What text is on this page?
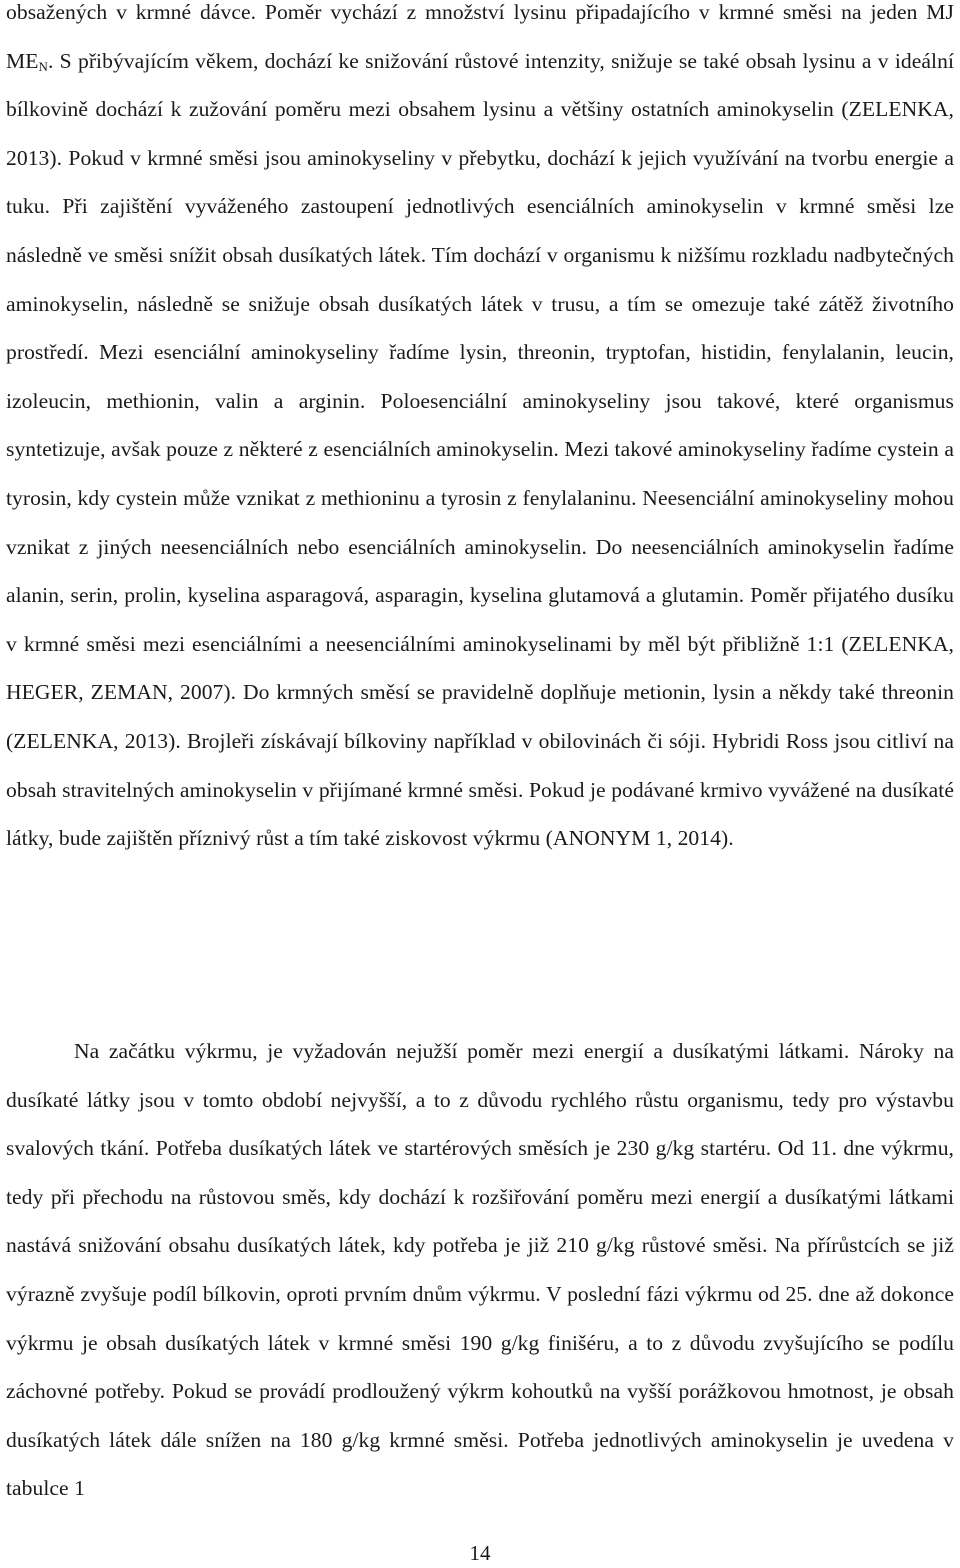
obsažených v krmné dávce. Poměr vychází z množství lysinu připadajícího v krmné směsi na jeden MJ $ME_N$. S přibývajícím věkem, dochází ke snižování růstové intenzity, snižuje se také obsah lysinu a v ideální bílkovině dochází k zužování poměru mezi obsahem lysinu a většiny ostatních aminokyselin (ZELENKA, 2013). Pokud v krmné směsi jsou aminokyseliny v přebytku, dochází k jejich využívání na tvorbu energie a tuku. Při zajištění vyváženého zastoupení jednotlivých esenciálních aminokyselin v krmné směsi lze následně ve směsi snížit obsah dusíkatých látek. Tím dochází v organismu k nižšímu rozkladu nadbytečných aminokyselin, následně se snižuje obsah dusíkatých látek v trusu, a tím se omezuje také zátěž životního prostředí. Mezi esenciální aminokyseliny řadíme lysin, threonin, tryptofan, histidin, fenylalanin, leucin, izoleucin, methionin, valin a arginin. Poloesenciální aminokyseliny jsou takové, které organismus syntetizuje, avšak pouze z některé z esenciálních aminokyselin. Mezi takové aminokyseliny řadíme cystein a tyrosin, kdy cystein může vznikat z methioninu a tyrosin z fenylalaninu. Neesenciální aminokyseliny mohou vznikat z jiných neesenciálních nebo esenciálních aminokyselin. Do neesenciálních aminokyselin řadíme alanin, serin, prolin, kyselina asparagová, asparagin, kyselina glutamová a glutamin. Poměr přijatého dusíku v krmné směsi mezi esenciálními a neesenciálními aminokyselinami by měl být přibližně 1:1 (ZELENKA, HEGER, ZEMAN, 2007). Do krmných směsí se pravidelně doplňuje metionin, lysin a někdy také threonin (ZELENKA, 2013). Brojleři získávají bílkoviny například v obilovinách či sóji. Hybridi Ross jsou citliví na obsah stravitelných aminokyselin v přijímané krmné směsi. Pokud je podávané krmivo vyvážené na dusíkaté látky, bude zajištěn příznivý růst a tím také ziskovost výkrmu (ANONYM 1, 2014).

Na začátku výkrmu, je vyžadován nejužší poměr mezi energií a dusíkatými látkami. Nároky na dusíkaté látky jsou v tomto období nejvyšší, a to z důvodu rychlého růstu organismu, tedy pro výstavbu svalových tkání. Potřeba dusíkatých látek ve startérových směsích je 230 g/kg startéru. Od 11. dne výkrmu, tedy při přechodu na růstovou směs, kdy dochází k rozšiřování poměru mezi energií a dusíkatými látkami nastává snižování obsahu dusíkatých látek, kdy potřeba je již 210 g/kg růstové směsi. Na přírůstcích se již výrazně zvyšuje podíl bílkovin, oproti prvním dnům výkrmu. V poslední fázi výkrmu od 25. dne až dokonce výkrmu je obsah dusíkatých látek v krmné směsi 190 g/kg finišéru, a to z důvodu zvyšujícího se podílu záchovné potřeby. Pokud se provádí prodloužený výkrm kohoutků na vyšší porážkovou hmotnost, je obsah dusíkatých látek dále snížen na 180 g/kg krmné směsi. Potřeba jednotlivých aminokyselin je uvedena v tabulce 1

14
